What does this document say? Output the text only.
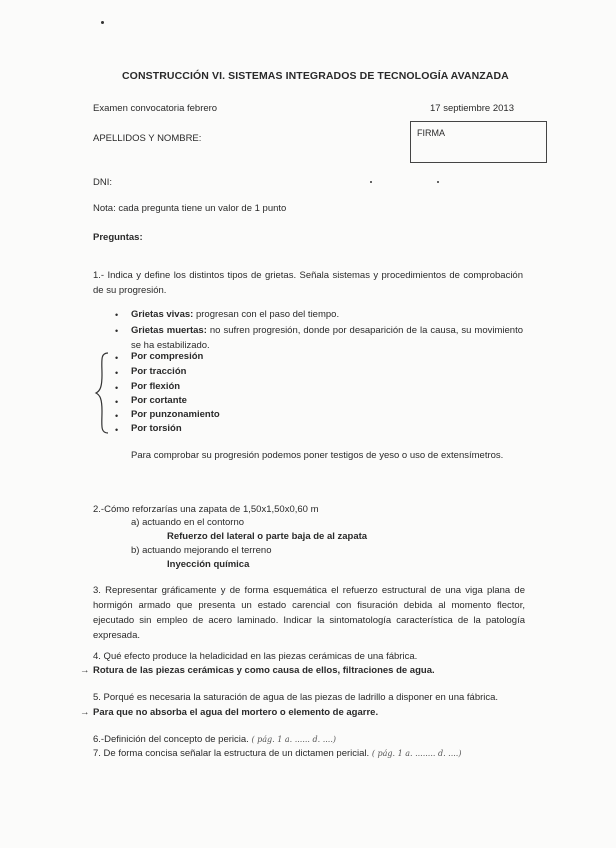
CONSTRUCCIÓN VI. SISTEMAS INTEGRADOS DE TECNOLOGÍA AVANZADA
Examen convocatoria febrero	17 septiembre 2013
APELLIDOS Y NOMBRE:	FIRMA
DNI:
Nota: cada pregunta tiene un valor de 1 punto
Preguntas:
1.- Indica y define los distintos tipos de grietas. Señala sistemas y procedimientos de comprobación de su progresión.
• Grietas vivas: progresan con el paso del tiempo.
• Grietas muertas: no sufren progresión, donde por desaparición de la causa, su movimiento se ha estabilizado.
• Por compresión
• Por tracción
• Por flexión
• Por cortante
• Por punzonamiento
• Por torsión
Para comprobar su progresión podemos poner testigos de yeso o uso de extensímetros.
2.-Cómo reforzarías una zapata de 1,50x1,50x0,60 m
a) actuando en el contorno
Refuerzo del lateral o parte baja de al zapata
b) actuando mejorando el terreno
Inyección química
3. Representar gráficamente y de forma esquemática el refuerzo estructural de una viga plana de hormigón armado que presenta un estado carencial con fisuración debida al momento flector, ejecutado sin empleo de acero laminado. Indicar la sintomatología característica de la patología expresada.
4. Qué efecto produce la heladicidad en las piezas cerámicas de una fábrica.
→ Rotura de las piezas cerámicas y como causa de ellos, filtraciones de agua.
5. Porqué es necesaria la saturación de agua de las piezas de ladrillo a disponer en una fábrica.
→ Para que no absorba el agua del mortero o elemento de agarre.
6.-Definición del concepto de pericia. ( pág. 1 a. ...... d. ....)
7. De forma concisa señalar la estructura de un dictamen pericial. ( pág. 1 a. ........ d. ....)
